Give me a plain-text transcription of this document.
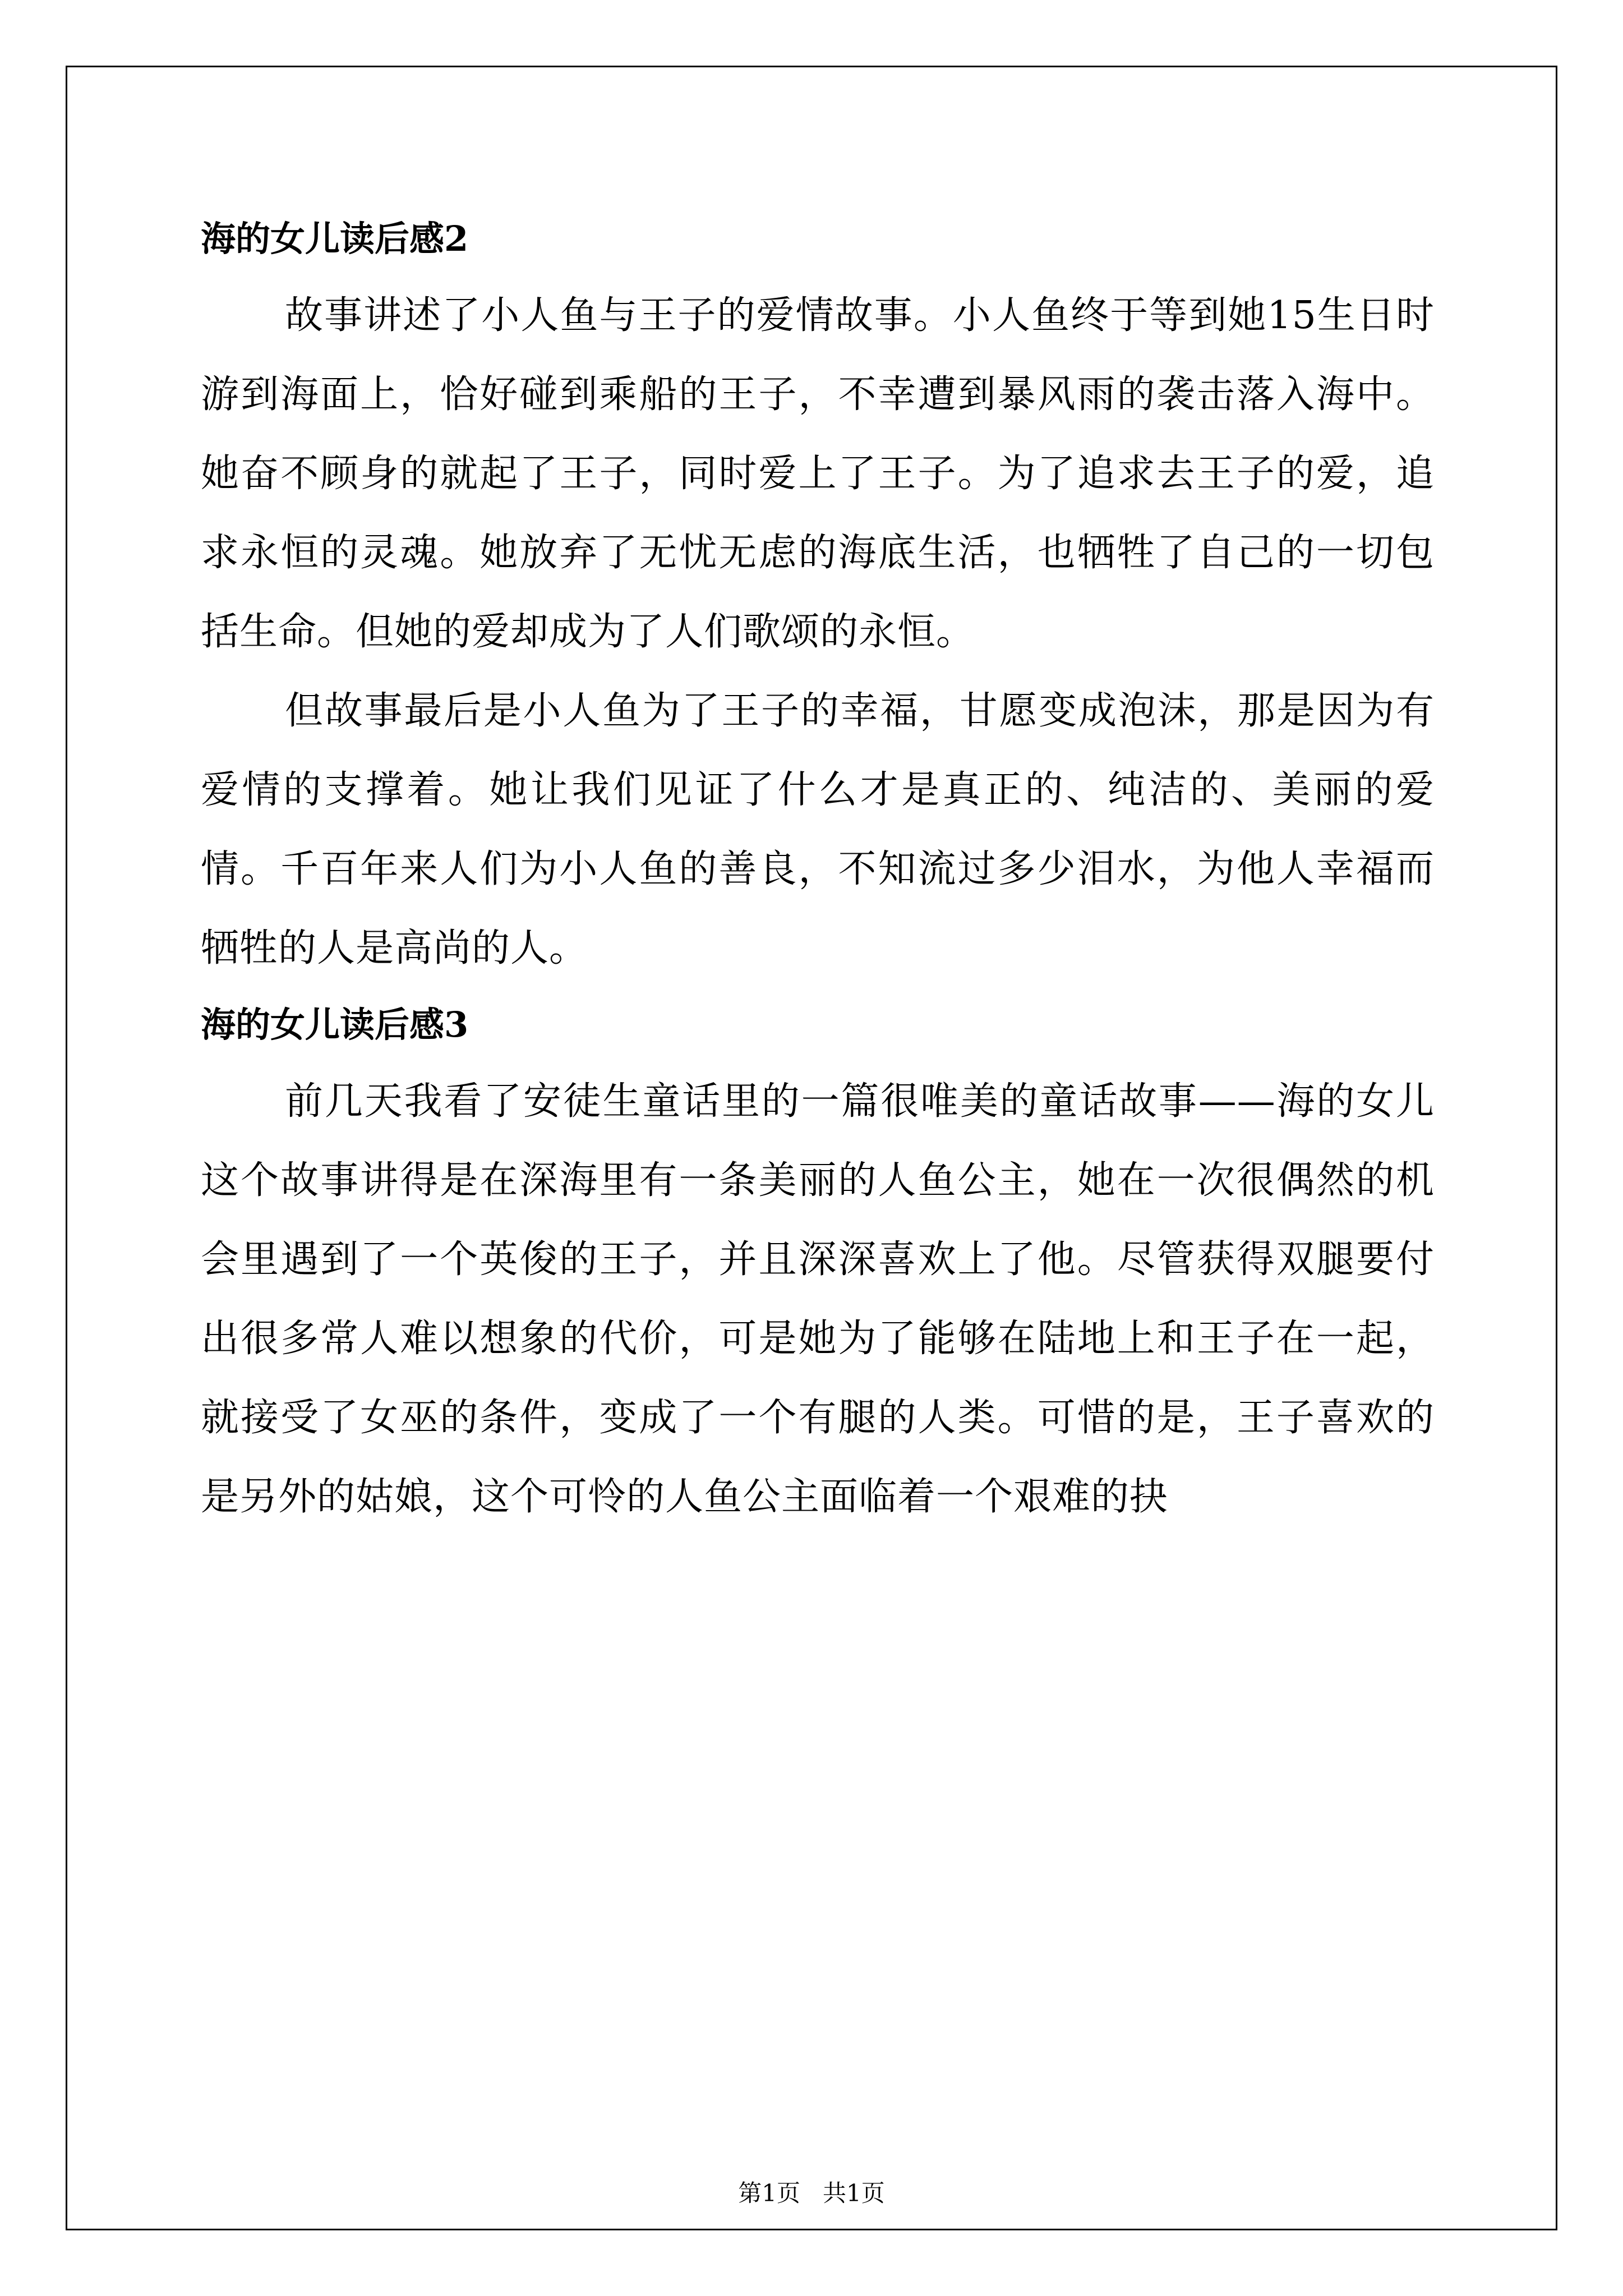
海的女儿读后感2

故事讲述了小人鱼与王子的爱情故事。小人鱼终于等到她15生日时游到海面上，恰好碰到乘船的王子，不幸遭到暴风雨的袭击落入海中。她奋不顾身的就起了王子，同时爱上了王子。为了追求去王子的爱，追求永恒的灵魂。她放弃了无忧无虑的海底生活，也牺牲了自己的一切包括生命。但她的爱却成为了人们歌颂的永恒。

但故事最后是小人鱼为了王子的幸福，甘愿变成泡沫，那是因为有爱情的支撑着。她让我们见证了什么才是真正的、纯洁的、美丽的爱情。千百年来人们为小人鱼的善良，不知流过多少泪水，为他人幸福而牺牲的人是高尚的人。

海的女儿读后感3

前几天我看了安徒生童话里的一篇很唯美的童话故事——海的女儿这个故事讲得是在深海里有一条美丽的人鱼公主，她在一次很偶然的机会里遇到了一个英俊的王子，并且深深喜欢上了他。尽管获得双腿要付出很多常人难以想象的代价，可是她为了能够在陆地上和王子在一起，就接受了女巫的条件，变成了一个有腿的人类。可惜的是，王子喜欢的是另外的姑娘，这个可怜的人鱼公主面临着一个艰难的抉

第1页   共1页
